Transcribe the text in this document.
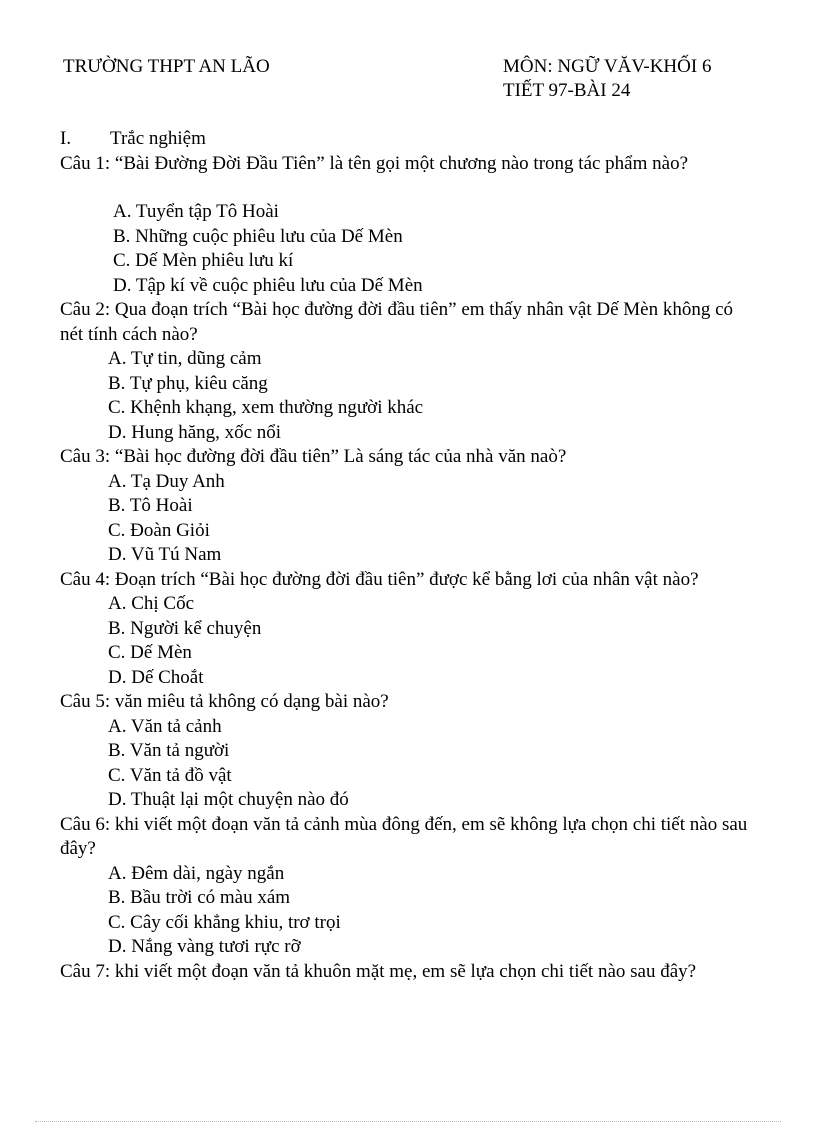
TRƯỜNG THPT AN LÃO	MÔN: NGỮ VĂV-KHỐI 6
TIẾT 97-BÀI 24
I.	Trắc nghiệm

Câu 1: “Bài Đường Đời Đầu Tiên” là tên gọi một chương nào trong tác phẩm nào?

A. Tuyển tập Tô Hoài
B. Những cuộc phiêu lưu của Dế Mèn
C. Dế Mèn phiêu lưu kí
D. Tập kí về cuộc phiêu lưu của Dế Mèn

Câu 2: Qua đoạn trích “Bài học đường đời đầu tiên” em thấy nhân vật Dế Mèn không có nét tính cách nào?

A. Tự tin, dũng cảm
B. Tự phụ, kiêu căng
C. Khệnh khạng, xem thường người khác
D. Hung hăng, xốc nổi

Câu 3: “Bài học đường đời đầu tiên” Là sáng tác của nhà văn naò?

A. Tạ Duy Anh
B. Tô Hoài
C. Đoàn Giỏi
D. Vũ Tú Nam

Câu 4: Đoạn trích “Bài học đường đời đầu tiên” được kể bằng lơi của nhân vật nào?

A. Chị Cốc
B. Người kể chuyện
C. Dế Mèn
D. Dế Choắt

Câu 5: văn miêu tả không có dạng bài nào?

A. Văn tả cảnh
B. Văn tả người
C. Văn tả đồ vật
D. Thuật lại một chuyện nào đó

Câu 6: khi viết một đoạn văn tả cảnh mùa đông đến, em sẽ không lựa chọn chi tiết nào sau đây?

A. Đêm dài, ngày ngắn
B. Bầu trời có màu xám
C. Cây cối khẳng khiu, trơ trọi
D. Nắng vàng tươi rực rỡ

Câu 7: khi viết một đoạn văn tả khuôn mặt mẹ, em sẽ lựa chọn chi tiết nào sau đây?
